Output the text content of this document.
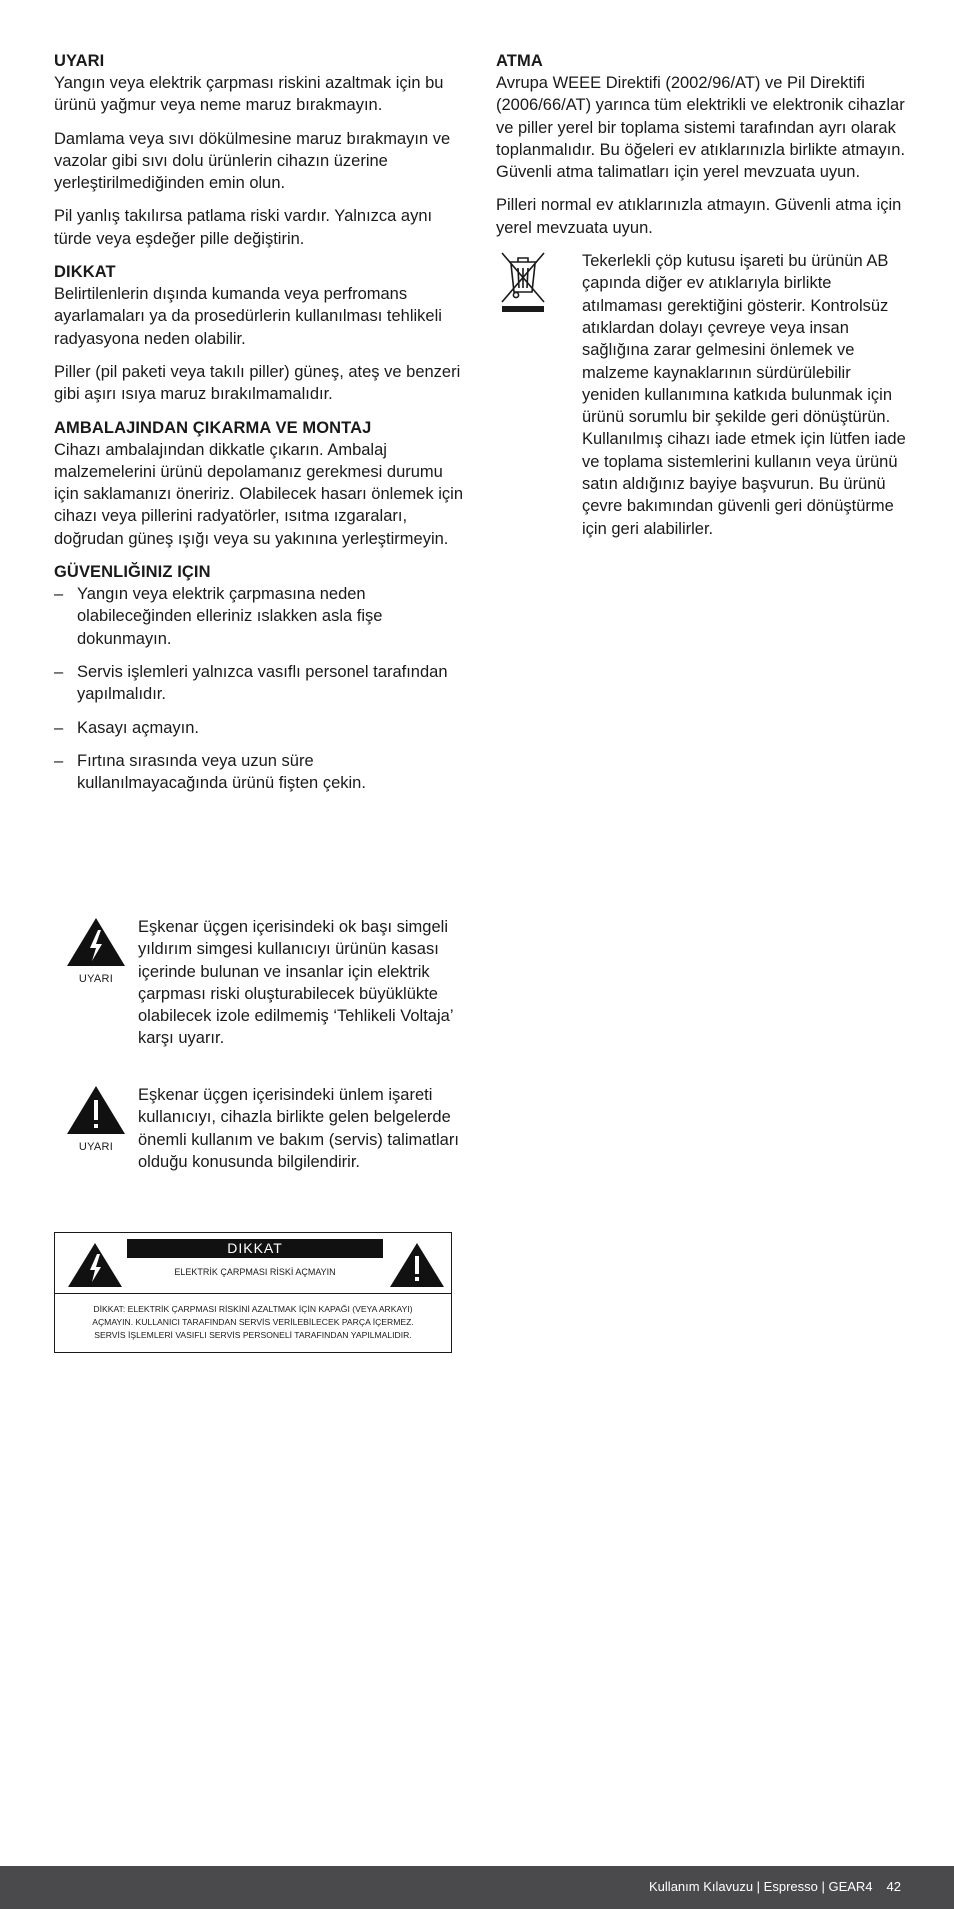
UYARI

Yangın veya elektrik çarpması riskini azaltmak için bu ürünü yağmur veya neme maruz bırakmayın.

Damlama veya sıvı dökülmesine maruz bırakmayın ve vazolar gibi sıvı dolu ürünlerin cihazın üzerine yerleştirilmediğinden emin olun.

Pil yanlış takılırsa patlama riski vardır. Yalnızca aynı türde veya eşdeğer pille değiştirin.

DIKKAT

Belirtilenlerin dışında kumanda veya perfromans ayarlamaları ya da prosedürlerin kullanılması tehlikeli radyasyona neden olabilir.

Piller (pil paketi veya takılı piller) güneş, ateş ve benzeri gibi aşırı ısıya maruz bırakılmamalıdır.

AMBALAJINDAN ÇIKARMA VE MONTAJ

Cihazı ambalajından dikkatle çıkarın. Ambalaj malzemelerini ürünü depolamanız gerekmesi durumu için saklamanızı öneririz. Olabilecek hasarı önlemek için cihazı veya pillerini radyatörler, ısıtma ızgaraları, doğrudan güneş ışığı veya su yakınına yerleştirmeyin.

GÜVENLIĞINIZ IÇIN
– Yangın veya elektrik çarpmasına neden olabileceğinden elleriniz ıslakken asla fişe dokunmayın.
– Servis işlemleri yalnızca vasıflı personel tarafından yapılmalıdır.
– Kasayı açmayın.
– Fırtına sırasında veya uzun süre kullanılmayacağında ürünü fişten çekin.
ATMA

Avrupa WEEE Direktifi (2002/96/AT) ve Pil Direktifi (2006/66/AT) yarınca tüm elektrikli ve elektronik cihazlar ve piller yerel bir toplama sistemi tarafından ayrı olarak toplanmalıdır. Bu öğeleri ev atıklarınızla birlikte atmayın. Güvenli atma talimatları için yerel mevzuata uyun.

Pilleri normal ev atıklarınızla atmayın. Güvenli atma için yerel mevzuata uyun.

Tekerlekli çöp kutusu işareti bu ürünün AB çapında diğer ev atıklarıyla birlikte atılmaması gerektiğini gösterir. Kontrolsüz atıklardan dolayı çevreye veya insan sağlığına zarar gelmesini önlemek ve malzeme kaynaklarının sürdürülebilir yeniden kullanımına katkıda bulunmak için ürünü sorumlu bir şekilde geri dönüştürün. Kullanılmış cihazı iade etmek için lütfen iade ve toplama sistemlerini kullanın veya ürünü satın aldığınız bayiye başvurun. Bu ürünü çevre bakımından güvenli geri dönüştürme için geri alabilirler.
UYARI
Eşkenar üçgen içerisindeki ok başı simgeli yıldırım simgesi kullanıcıyı ürünün kasası içerinde bulunan ve insanlar için elektrik çarpması riski oluşturabilecek büyüklükte olabilecek izole edilmemiş ‘Tehlikeli Voltaja’ karşı uyarır.
UYARI
Eşkenar üçgen içerisindeki ünlem işareti kullanıcıyı, cihazla birlikte gelen belgelerde önemli kullanım ve bakım (servis) talimatları olduğu konusunda bilgilendirir.
DIKKAT
ELEKTRİK ÇARPMASI RİSKİ AÇMAYIN
DİKKAT: ELEKTRİK ÇARPMASI RİSKİNİ AZALTMAK İÇİN KAPAĞI (VEYA ARKAYI)
AÇMAYIN. KULLANICI TARAFINDAN SERVİS VERİLEBİLECEK PARÇA İÇERMEZ.
SERVİS İŞLEMLERİ VASIFLI SERVİS PERSONELİ TARAFINDAN YAPILMALIDIR.
Kullanım Kılavuzu | Espresso | GEAR4 42
